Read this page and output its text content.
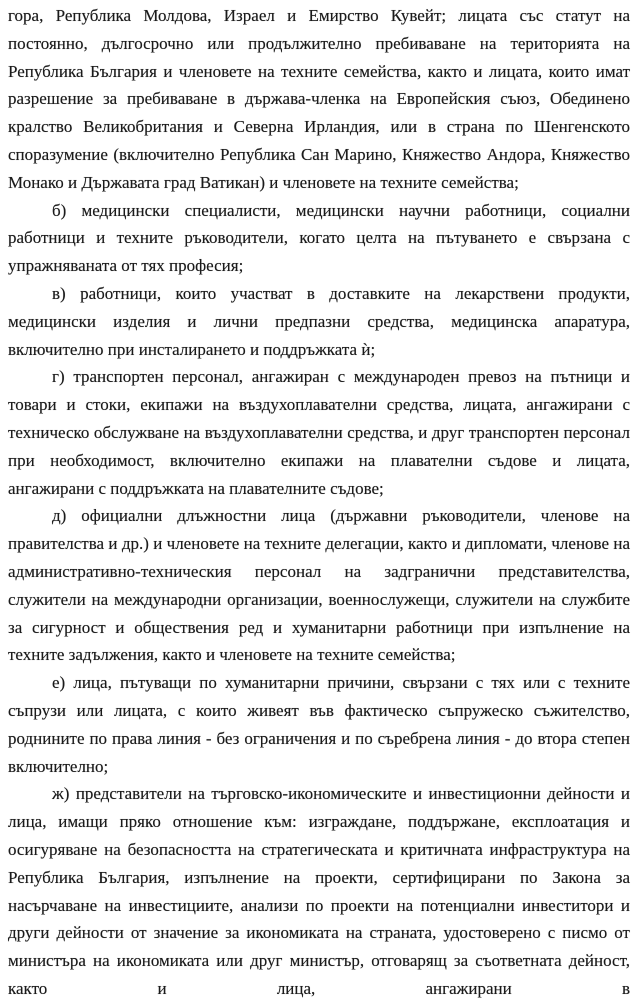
гора, Република Молдова, Израел и Емирство Кувейт; лицата със статут на постоянно, дългосрочно или продължително пребиваване на територията на Република България и членовете на техните семейства, както и лицата, които имат разрешение за пребиваване в държава-членка на Европейския съюз, Обединено кралство Великобритания и Северна Ирландия, или в страна по Шенгенското споразумение (включително Република Сан Марино, Княжество Андора, Княжество Монако и Държавата град Ватикан) и членовете на техните семейства;

б) медицински специалисти, медицински научни работници, социални работници и техните ръководители, когато целта на пътуването е свързана с упражняваната от тях професия;

в) работници, които участват в доставките на лекарствени продукти, медицински изделия и лични предпазни средства, медицинска апаратура, включително при инсталирането и поддръжката ѝ;

г) транспортен персонал, ангажиран с международен превоз на пътници и товари и стоки, екипажи на въздухоплавателни средства, лицата, ангажирани с техническо обслужване на въздухоплавателни средства, и друг транспортен персонал при необходимост, включително екипажи на плавателни съдове и лицата, ангажирани с поддръжката на плавателните съдове;

д) официални длъжностни лица (държавни ръководители, членове на правителства и др.) и членовете на техните делегации, както и дипломати, членове на административно-техническия персонал на задгранични представителства, служители на международни организации, военнослужещи, служители на службите за сигурност и обществения ред и хуманитарни работници при изпълнение на техните задължения, както и членовете на техните семейства;

е) лица, пътуващи по хуманитарни причини, свързани с тях или с техните съпрузи или лицата, с които живеят във фактическо съпружеско съжителство, роднините по права линия - без ограничения и по съребрена линия - до втора степен включително;

ж) представители на търговско-икономическите и инвестиционни дейности и лица, имащи пряко отношение към: изграждане, поддържане, експлоатация и осигуряване на безопасността на стратегическата и критичната инфраструктура на Република България, изпълнение на проекти, сертифицирани по Закона за насърчаване на инвестициите, анализи по проекти на потенциални инвеститори и други дейности от значение за икономиката на страната, удостоверено с писмо от министъра на икономиката или друг министър, отговарящ за съответната дейност, както и лица, ангажирани в
